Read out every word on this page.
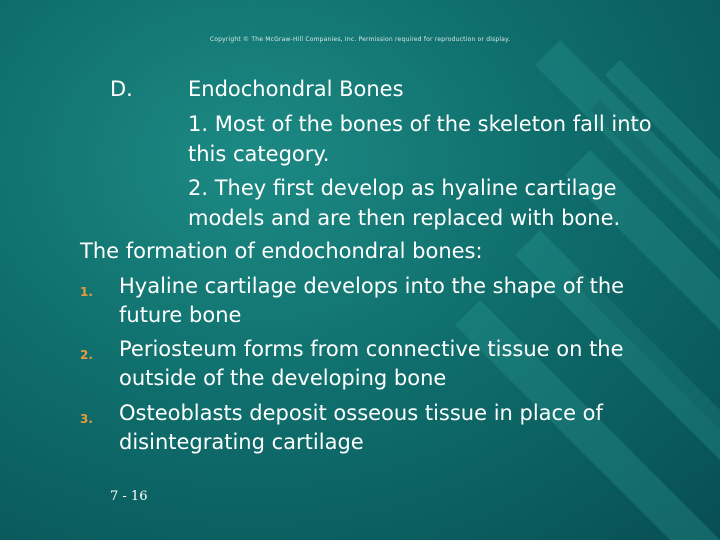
Copyright © The McGraw-Hill Companies, Inc. Permission required for reproduction or display.
D.	Endochondral Bones
1. Most of the bones of the skeleton fall into
this category.
2. They first develop as hyaline cartilage
models and are then replaced with bone.
The formation of endochondral bones:
1. Hyaline cartilage develops into the shape of the
future bone
2. Periosteum forms from connective tissue on the
outside of the developing bone
3. Osteoblasts deposit osseous tissue in place of
disintegrating cartilage
7 - 16
